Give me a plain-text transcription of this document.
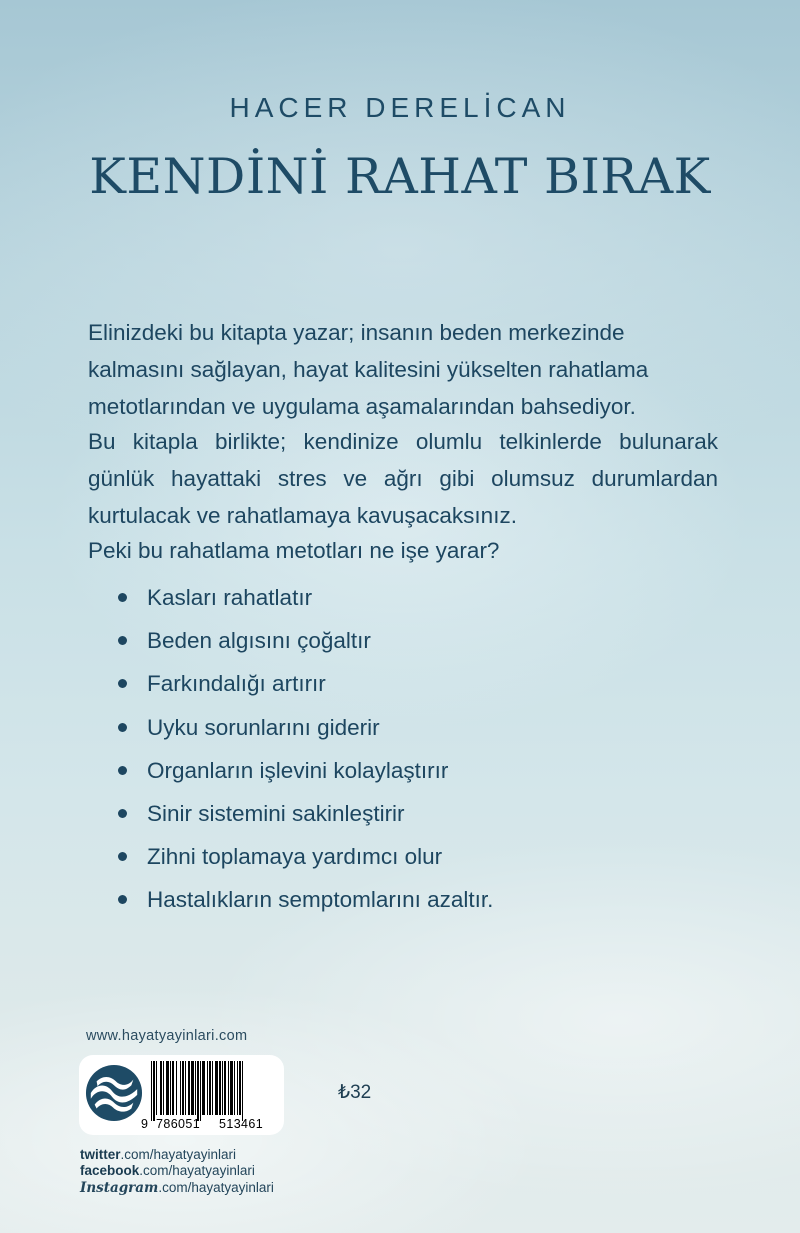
HACER DERELİCAN
KENDİNİ RAHAT BIRAK
Elinizdeki bu kitapta yazar; insanın beden merkezinde kalmasını sağlayan, hayat kalitesini yükselten rahatlama metotlarından ve uygulama aşamalarından bahsediyor.
Bu kitapla birlikte; kendinize olumlu telkinlerde bulunarak günlük hayattaki stres ve ağrı gibi olumsuz durumlardan kurtulacak ve rahatlamaya kavuşacaksınız.
Peki bu rahatlama metotları ne işe yarar?
Kasları rahatlatır
Beden algısını çoğaltır
Farkındalığı artırır
Uyku sorunlarını giderir
Organların işlevini kolaylaştırır
Sinir sistemini sakinleştirir
Zihni toplamaya yardımcı olur
Hastalıkların semptomlarını azaltır.
www.hayatyayinlari.com
9 786051 513461
₺32
twitter.com/hayatyayinlari
facebook.com/hayatyayinlari
Instagram.com/hayatyayinlari
